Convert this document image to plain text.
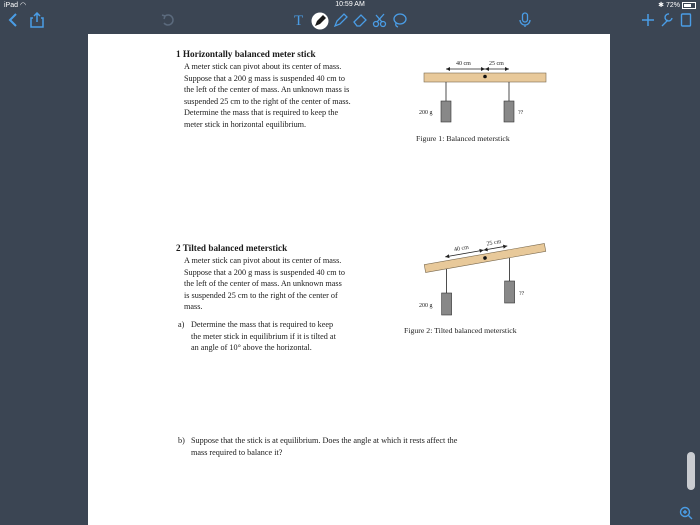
iPad ◠	10:59 AM	✱ 72%
T
1 Horizontally balanced meter stick
A meter stick can pivot about its center of mass.
Suppose that a 200 g mass is suspended 40 cm to
the left of the center of mass. An unknown mass is
suspended 25 cm to the right of the center of mass.
Determine the mass that is required to keep the
meter stick in horizontal equilibrium.
40 cm	25 cm
200 g	??
Figure 1: Balanced meterstick
2 Tilted balanced meterstick
A meter stick can pivot about its center of mass.
Suppose that a 200 g mass is suspended 40 cm to
the left of the center of mass. An unknown mass
is suspended 25 cm to the right of the center of
mass.
a) Determine the mass that is required to keep
the meter stick in equilibrium if it is tilted at
an angle of 10° above the horizontal.
40 cm
25 cm
200 g
??
Figure 2: Tilted balanced meterstick
b) Suppose that the stick is at equilibrium. Does the angle at which it rests affect the
mass required to balance it?
